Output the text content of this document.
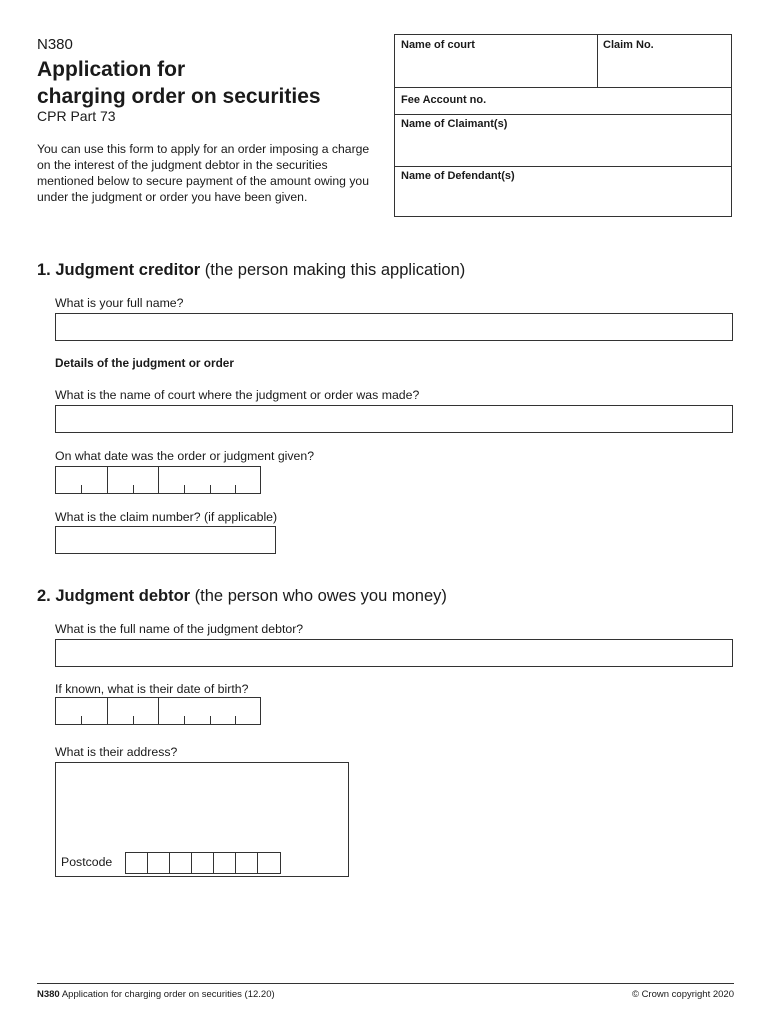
N380
Application for
charging order on securities
CPR Part 73
You can use this form to apply for an order imposing a charge on the interest of the judgment debtor in the securities mentioned below to secure payment of the amount owing you under the judgment or order you have been given.
Name of court	Claim No.
Fee Account no.
Name of Claimant(s)
Name of Defendant(s)
1. Judgment creditor (the person making this application)
What is your full name?
Details of the judgment or order
What is the name of court where the judgment or order was made?
On what date was the order or judgment given?
What is the claim number? (if applicable)
2. Judgment debtor (the person who owes you money)
What is the full name of the judgment debtor?
If known, what is their date of birth?
What is their address?
Postcode
N380 Application for charging order on securities (12.20)	© Crown copyright 2020
